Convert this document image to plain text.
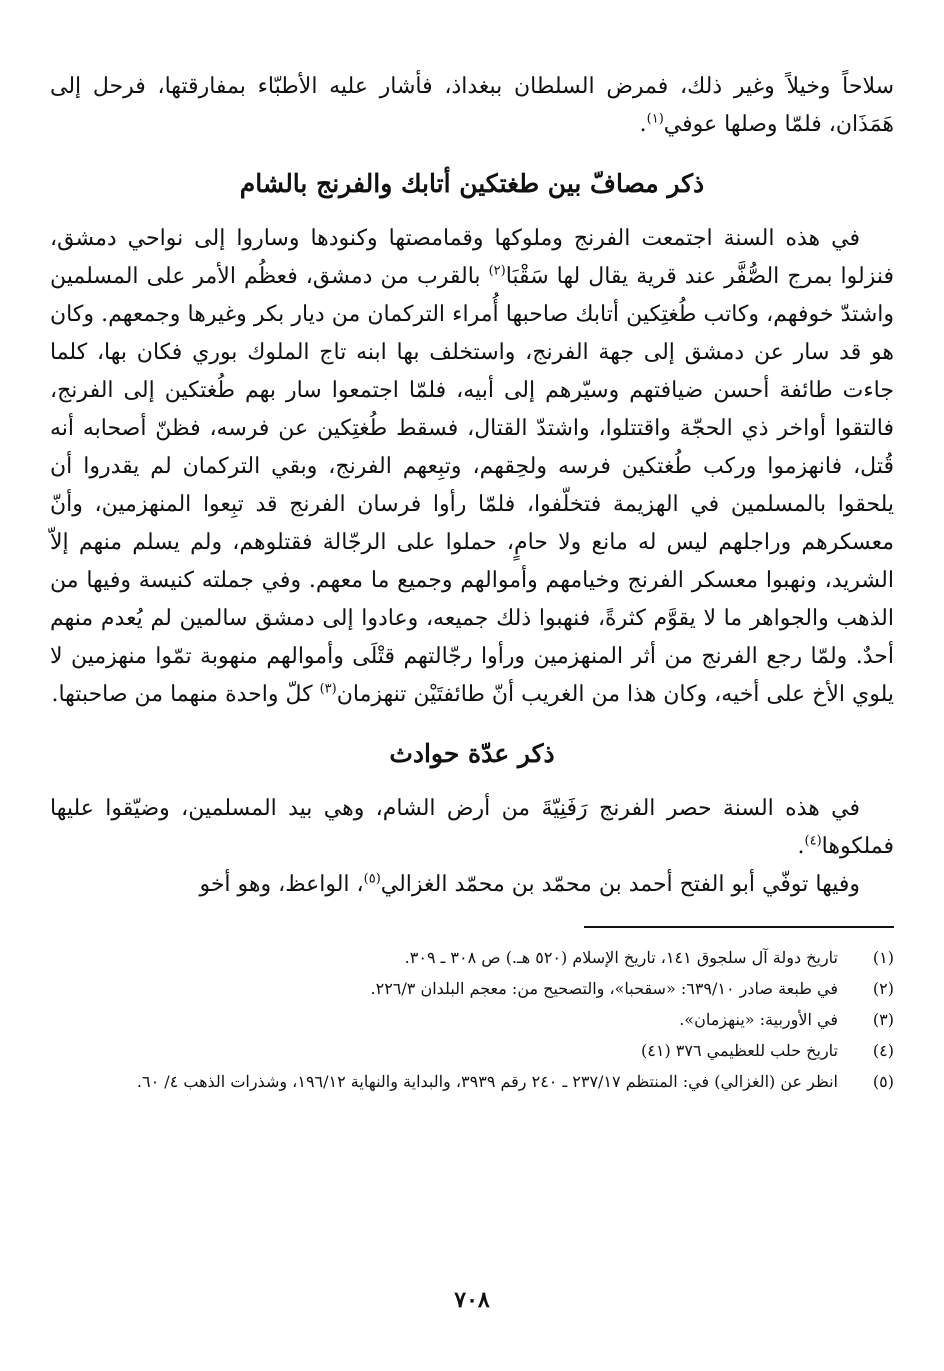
سلاحاً وخيلاً وغير ذلك، فمرض السلطان ببغداذ، فأشار عليه الأطبّاء بمفارقتها، فرحل إلى هَمَذَان، فلمّا وصلها عوفي$^{(١)}$.

ذكر مصافّ بين طغتكين أتابك والفرنج بالشام

في هذه السنة اجتمعت الفرنج وملوكها وقمامصتها وكنودها وساروا إلى نواحي دمشق، فنزلوا بمرج الصُّفَّر عند قرية يقال لها سَقْبَا$^{(٢)}$ بالقرب من دمشق، فعظُم الأمر على المسلمين واشتدّ خوفهم، وكاتب طُغتِكين أتابك صاحبها أُمراء التركمان من ديار بكر وغيرها وجمعهم. وكان هو قد سار عن دمشق إلى جهة الفرنج، واستخلف بها ابنه تاج الملوك بوري فكان بها، كلما جاءت طائفة أحسن ضيافتهم وسيّرهم إلى أبيه، فلمّا اجتمعوا سار بهم طُغتكين إلى الفرنج، فالتقوا أواخر ذي الحجّة واقتتلوا، واشتدّ القتال، فسقط طُغتِكين عن فرسه، فظنّ أصحابه أنه قُتل، فانهزموا وركب طُغتكين فرسه ولحِقهم، وتبِعهم الفرنج، وبقي التركمان لم يقدروا أن يلحقوا بالمسلمين في الهزيمة فتخلّفوا، فلمّا رأوا فرسان الفرنج قد تبِعوا المنهزمين، وأنّ معسكرهم وراجلهم ليس له مانع ولا حامٍ، حملوا على الرجّالة فقتلوهم، ولم يسلم منهم إلاّ الشريد، ونهبوا معسكر الفرنج وخيامهم وأموالهم وجميع ما معهم. وفي جملته كنيسة وفيها من الذهب والجواهر ما لا يقوَّم كثرةً، فنهبوا ذلك جميعه، وعادوا إلى دمشق سالمين لم يُعدم منهم أحدٌ. ولمّا رجع الفرنج من أثر المنهزمين ورأوا رجّالتهم قتْلَى وأموالهم منهوبة تمّوا منهزمين لا يلوي الأخ على أخيه، وكان هذا من الغريب أنّ طائفتَيْن تنهزمان$^{(٣)}$ كلّ واحدة منهما من صاحبتها.

ذكر عدّة حوادث

في هذه السنة حصر الفرنج رَفَنِيّةَ من أرض الشام، وهي بيد المسلمين، وضيّقوا عليها فملكوها$^{(٤)}$.

وفيها توفّي أبو الفتح أحمد بن محمّد بن محمّد الغزالي$^{(٥)}$، الواعظ، وهو أخو

(١)
تاريخ دولة آل سلجوق ١٤١، تاريخ الإسلام (٥٢٠ هـ.) ص ٣٠٨ ـ ٣٠٩.
(٢)
في طبعة صادر ٦٣٩/١٠: «سقحبا»، والتصحيح من: معجم البلدان ٢٢٦/٣.
(٣)
في الأوربية: «ينهزمان».
(٤)
تاريخ حلب للعظيمي ٣٧٦ (٤١)
(٥)
انظر عن (الغزالي) في: المنتظم ٢٣٧/١٧ ـ ٢٤٠ رقم ٣٩٣٩، والبداية والنهاية ١٩٦/١٢، وشذرات الذهب ٤/ ٦٠.
٧٠٨
